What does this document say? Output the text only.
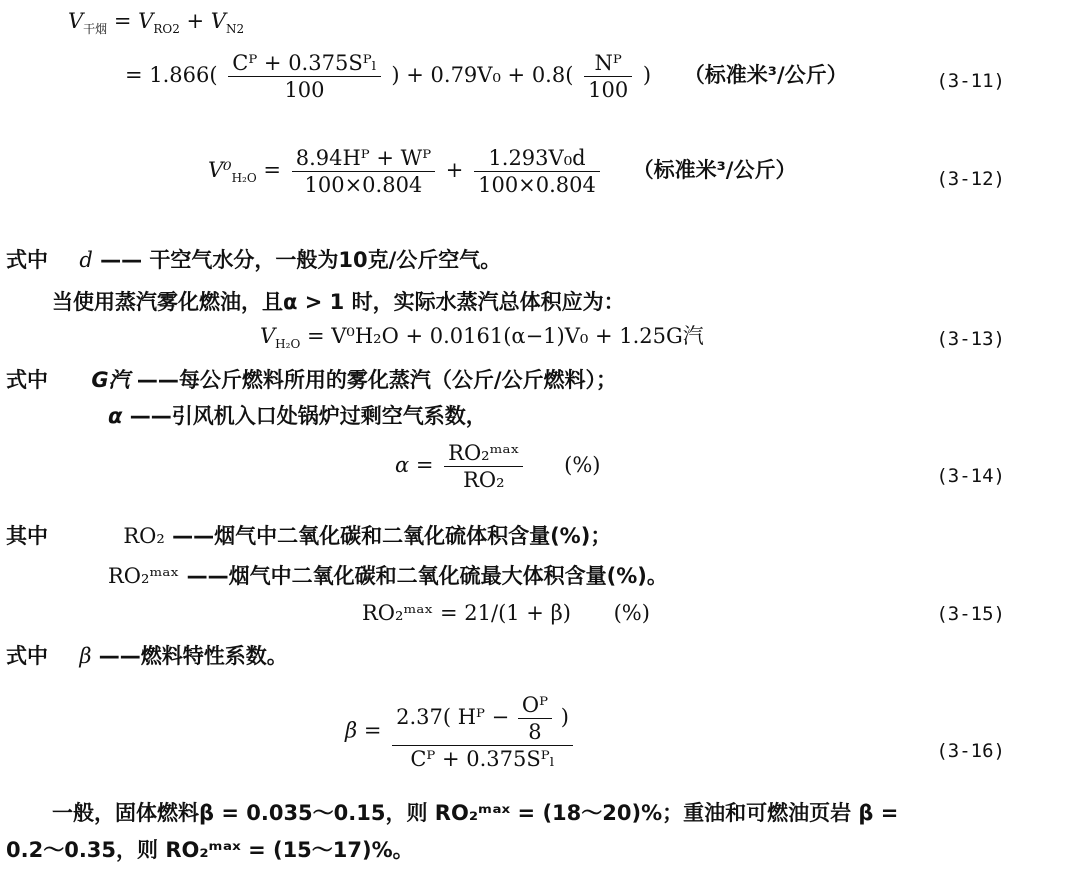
$V_{干烟} = V_{RO2} + V_{N2}$
= $1.866( \frac{\text{Cᴾ + 0.375Sᴾₗ}}{100}$ ) + $0.79V_0 + 0.8( \frac{\text{Nᴾ}}{100}$ ) （标准米³/公斤）	(3-11)
$V^0_{H_2O} = \frac{\text{8.94Hᴾ + Wᴾ}}{100\times 0.804} + \frac{\text{1.293V₀d}}{100\times 0.804}$ （标准米³/公斤）	(3-12)
式中 d —— 干空气水分，一般为10克/公斤空气。
当使用蒸汽雾化燃油，且α > 1 时，实际水蒸汽总体积应为：
$V_{H_2O} = V^0H_2O + 0.0161(\alpha-1)V_0 + 1.25G$汽	(3-13)
式中 G汽 ——每公斤燃料所用的雾化蒸汽（公斤/公斤燃料）；
α ——引风机入口处锅炉过剩空气系数，
$\alpha = \frac{\text{RO₂ᵐᵃˣ}}{\text{RO₂}}$ (%)	(3-14)
其中	RO₂ ——烟气中二氧化碳和二氧化硫体积含量(%)；
RO₂ᵐᵃˣ ——烟气中二氧化碳和二氧化硫最大体积含量(%)。
RO₂ᵐᵃˣ = 21/(1 + β) (%)	(3-15)
式中 β ——燃料特性系数。
$\beta = \frac{2.37( Hᴾ - \frac{\text{Oᴾ}}{8} )}{\text{Cᴾ + 0.375Sᴾₗ}}$	(3-16)
一般，固体燃料β = 0.035～0.15，则 RO₂ᵐᵃˣ = (18～20)%；重油和可燃油页岩 β =
0.2～0.35，则 RO₂ᵐᵃˣ = (15～17)%。
